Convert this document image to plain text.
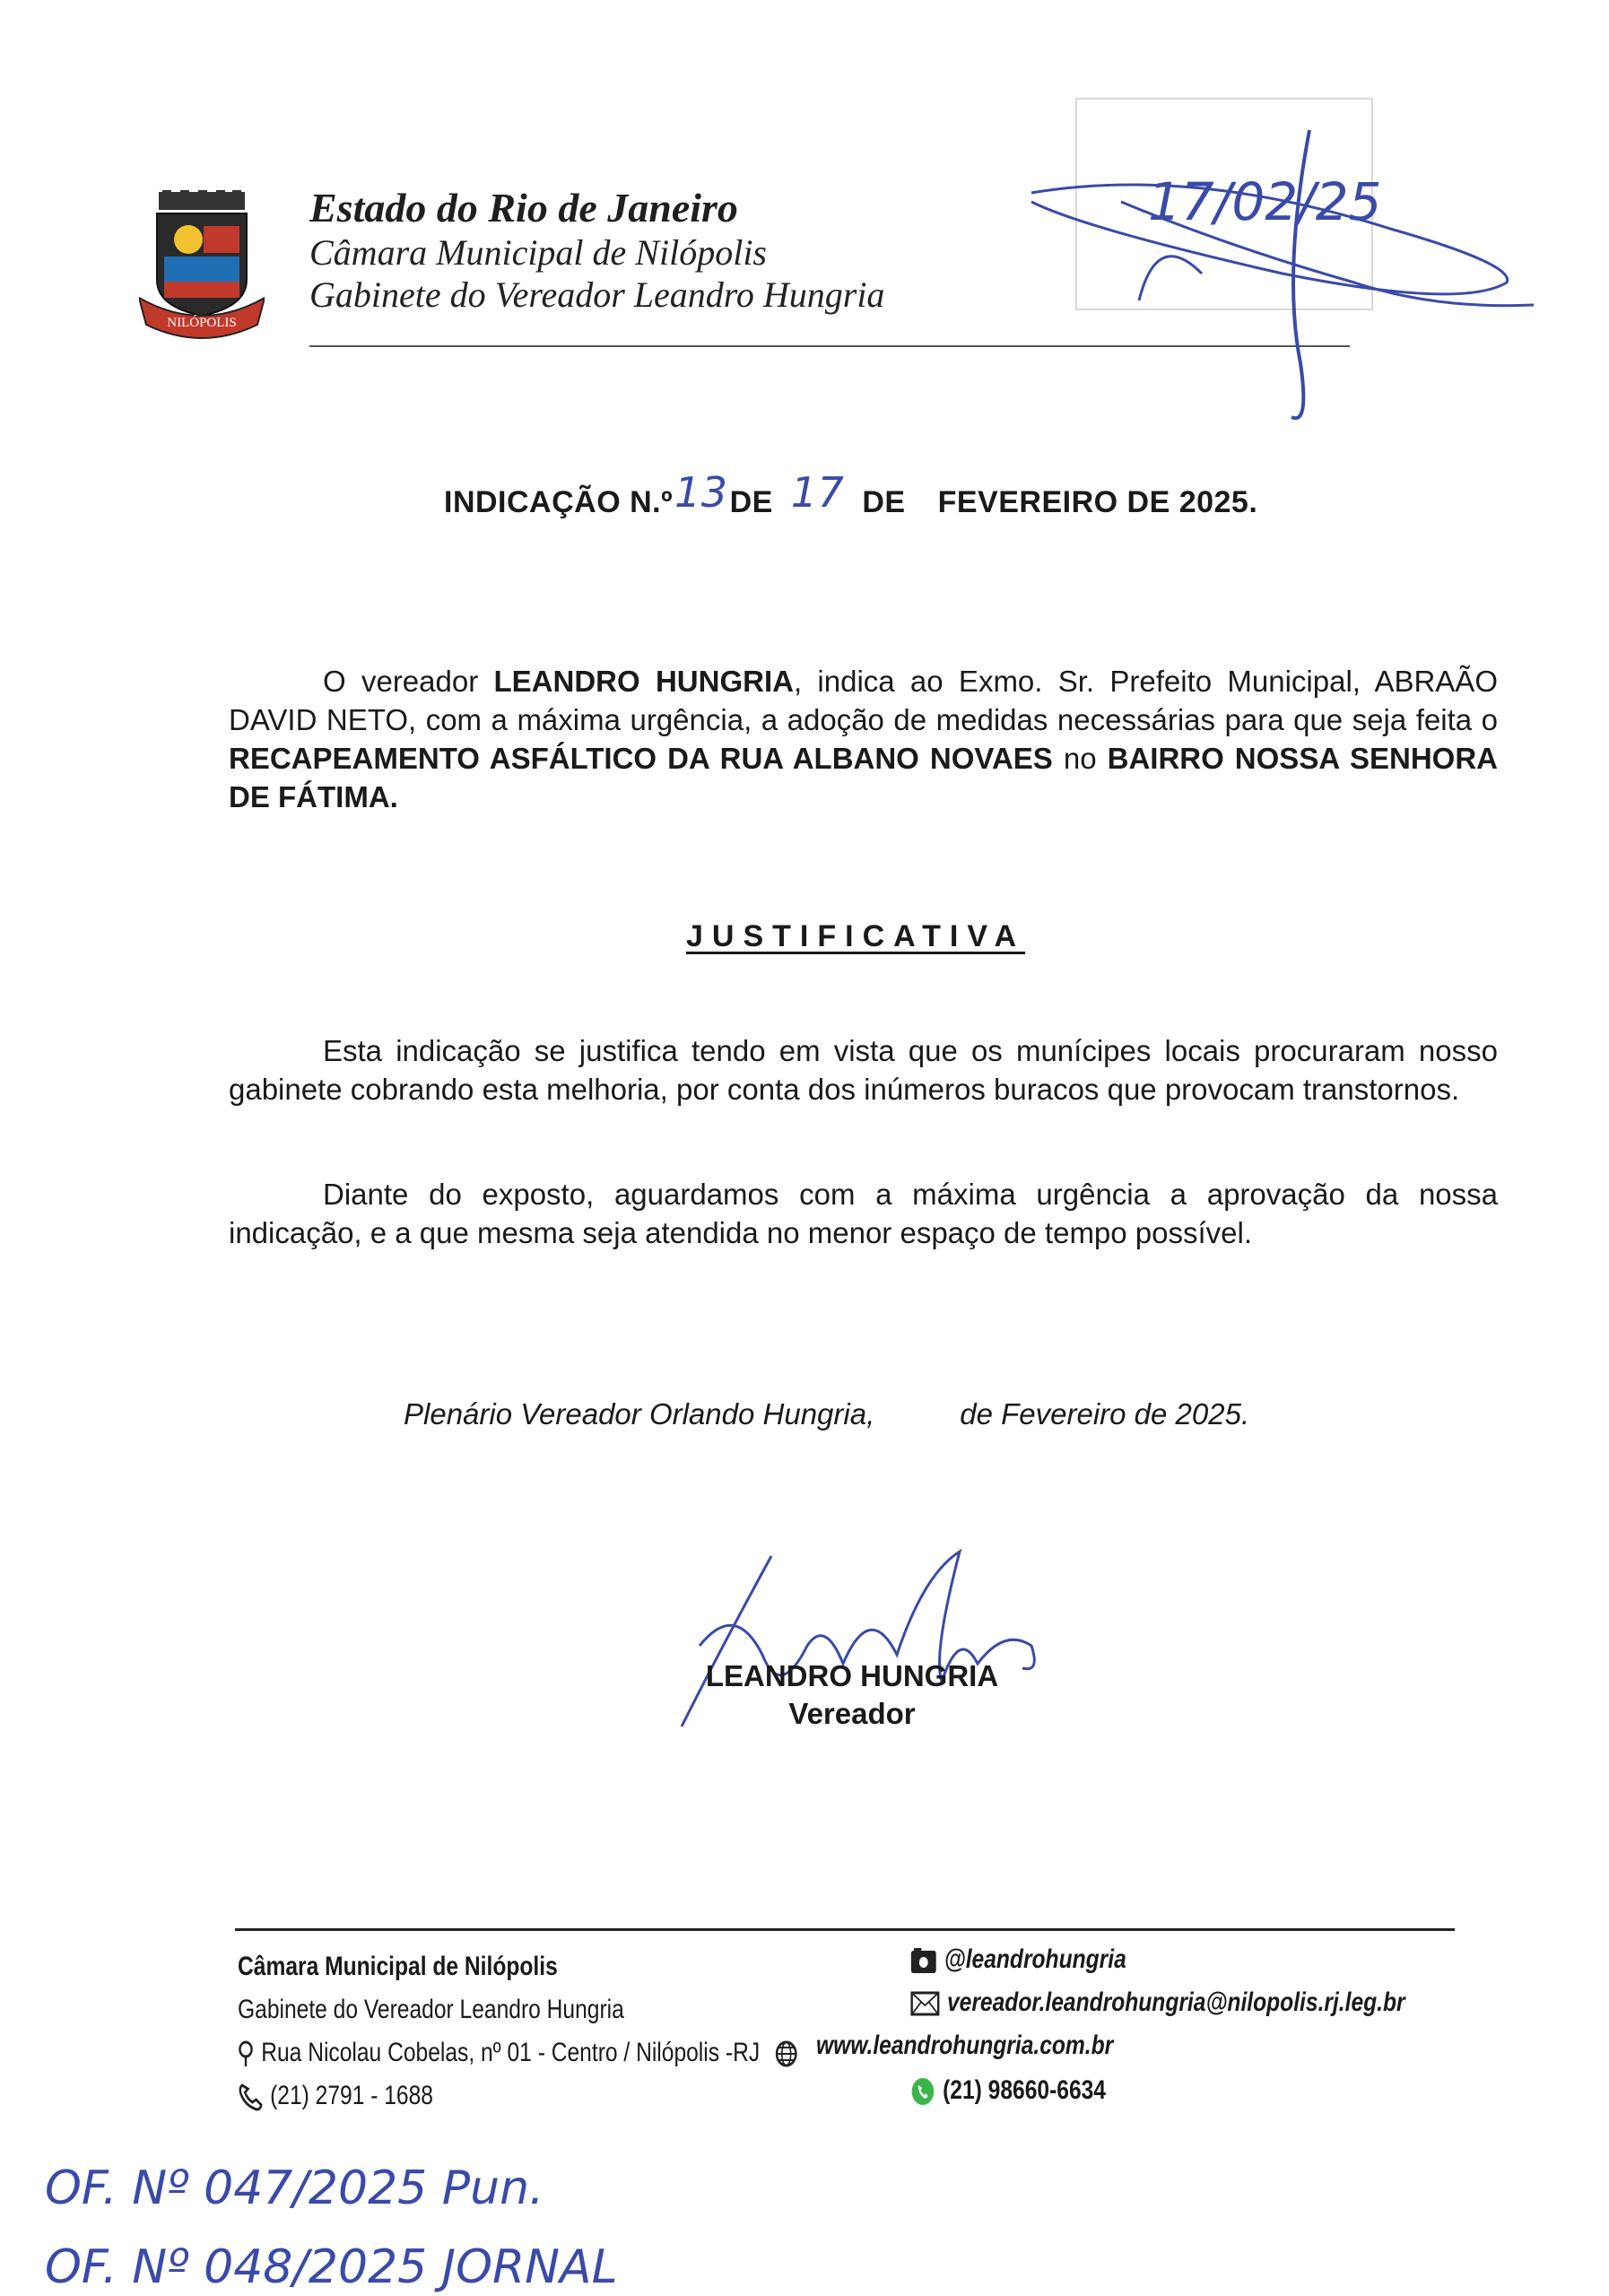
NILÓPOLIS
Estado do Rio de Janeiro
Câmara Municipal de Nilópolis
Gabinete do Vereador Leandro Hungria
17/02/25
INDICAÇÃO N.º13DE 17 DE FEVEREIRO DE 2025.
O vereador LEANDRO HUNGRIA, indica ao Exmo. Sr. Prefeito Municipal, ABRAÃO DAVID NETO, com a máxima urgência, a adoção de medidas necessárias para que seja feita o RECAPEAMENTO ASFÁLTICO DA RUA ALBANO NOVAES no BAIRRO NOSSA SENHORA DE FÁTIMA.
JUSTIFICATIVA
Esta indicação se justifica tendo em vista que os munícipes locais procuraram nosso gabinete cobrando esta melhoria, por conta dos inúmeros buracos que provocam transtornos.
Diante do exposto, aguardamos com a máxima urgência a aprovação da nossa indicação, e a que mesma seja atendida no menor espaço de tempo possível.
Plenário Vereador Orlando Hungria,	de Fevereiro de 2025.
LEANDRO HUNGRIA
Vereador
Câmara Municipal de Nilópolis
Gabinete do Vereador Leandro Hungria
Rua Nicolau Cobelas, nº 01 - Centro / Nilópolis -RJ
(21) 2791 - 1688
@leandrohungria
vereador.leandrohungria@nilopolis.rj.leg.br
www.leandrohungria.com.br
(21) 98660-6634
OF. Nº 047/2025 Pun.
OF. Nº 048/2025 JORNAL
